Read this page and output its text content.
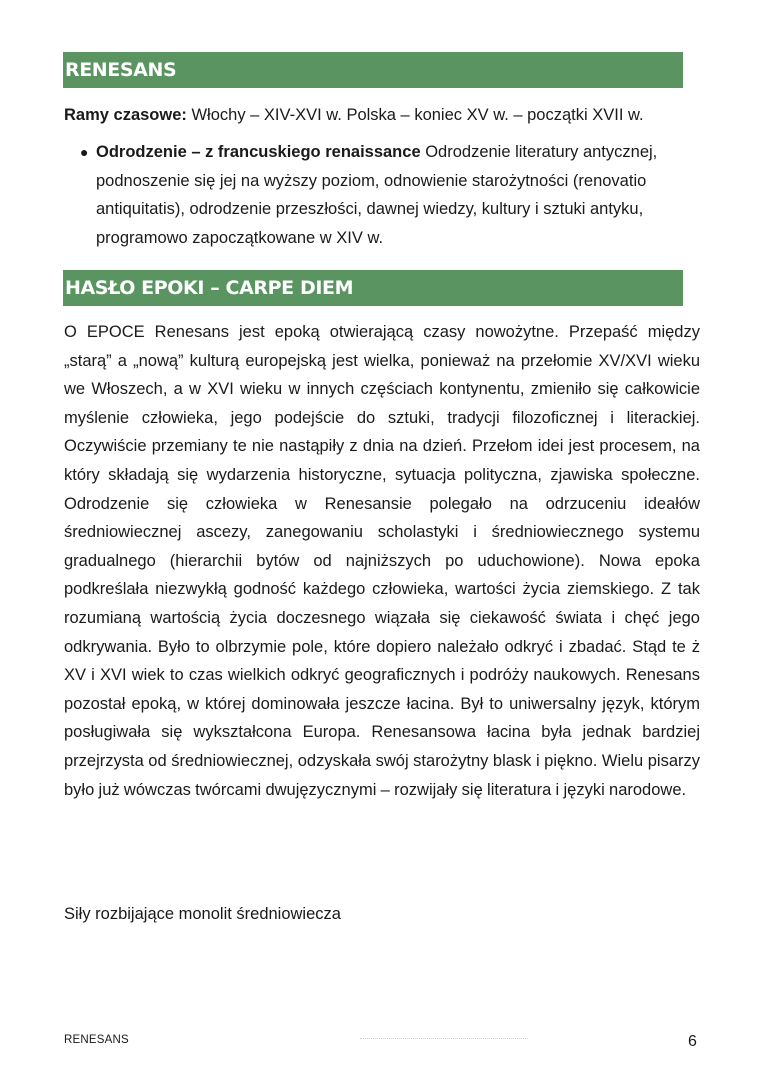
RENESANS
Ramy czasowe: Włochy – XIV-XVI w. Polska – koniec XV w. – początki XVII w.
● Odrodzenie – z francuskiego renaissance Odrodzenie literatury antycznej, podnoszenie się jej na wyższy poziom, odnowienie starożytności (renovatio antiquitatis), odrodzenie przeszłości, dawnej wiedzy, kultury i sztuki antyku, programowo zapoczątkowane w XIV w.
HASŁO EPOKI – CARPE DIEM
O EPOCE Renesans jest epoką otwierającą czasy nowożytne. Przepaść między „starą” a „nową” kulturą europejską jest wielka, ponieważ na przełomie XV/XVI wieku we Włoszech, a w XVI wieku w innych częściach kontynentu, zmieniło się całkowicie myślenie człowieka, jego podejście do sztuki, tradycji filozoficznej i literackiej. Oczywiście przemiany te nie nastąpiły z dnia na dzień. Przełom idei jest procesem, na który składają się wydarzenia historyczne, sytuacja polityczna, zjawiska społeczne. Odrodzenie się człowieka w Renesansie polegało na odrzuceniu ideałów średniowiecznej ascezy, zanegowaniu scholastyki i średniowiecznego systemu gradualnego (hierarchii bytów od najniższych po uduchowione). Nowa epoka podkreślała niezwykłą godność każdego człowieka, wartości życia ziemskiego. Z tak rozumianą wartością życia doczesnego wiązała się ciekawość świata i chęć jego odkrywania. Było to olbrzymie pole, które dopiero należało odkryć i zbadać. Stąd te ż XV i XVI wiek to czas wielkich odkryć geograficznych i podróży naukowych. Renesans pozostał epoką, w której dominowała jeszcze łacina. Był to uniwersalny język, którym posługiwała się wykształcona Europa. Renesansowa łacina była jednak bardziej przejrzysta od średniowiecznej, odzyskała swój starożytny blask i piękno. Wielu pisarzy było już wówczas twórcami dwujęzycznymi – rozwijały się literatura i języki narodowe.
Siły rozbijające monolit średniowiecza
RENESANS	6
